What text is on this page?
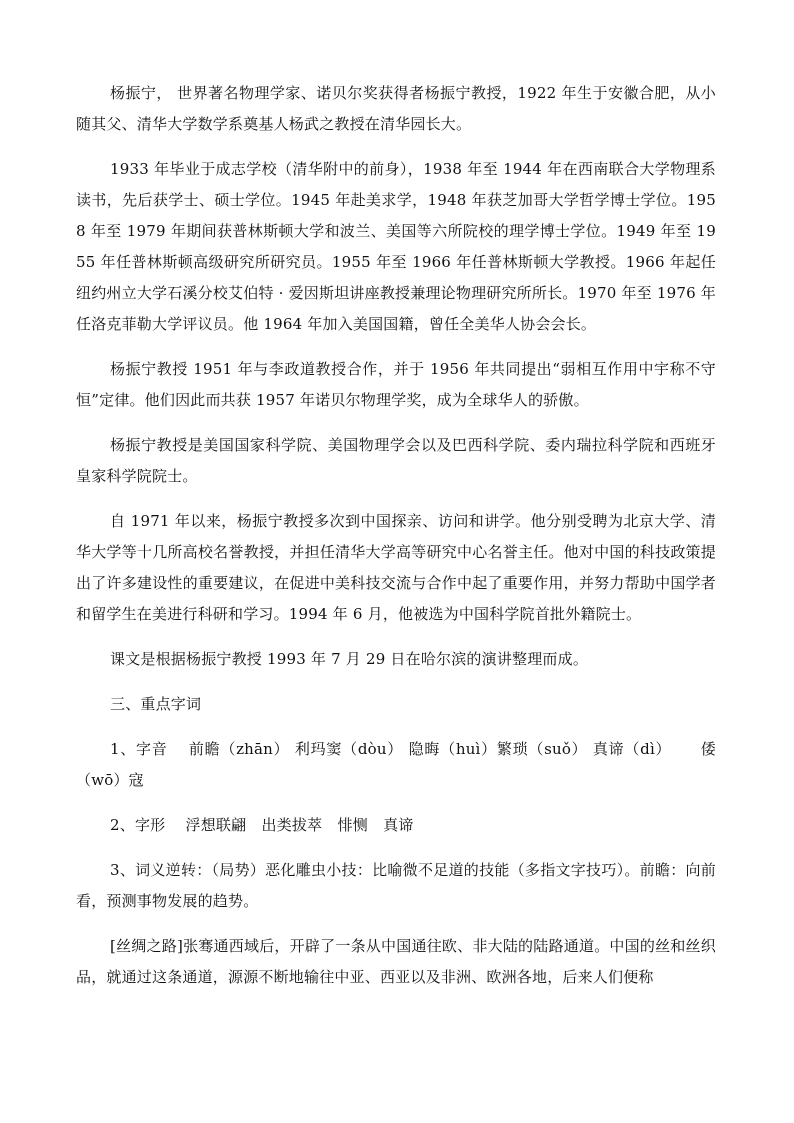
杨振宁， 世界著名物理学家、诺贝尔奖获得者杨振宁教授，1922 年生于安徽合肥，从小随其父、清华大学数学系奠基人杨武之教授在清华园长大。

1933 年毕业于成志学校（清华附中的前身），1938 年至 1944 年在西南联合大学物理系读书，先后获学士、硕士学位。1945 年赴美求学，1948 年获芝加哥大学哲学博士学位。1958 年至 1979 年期间获普林斯顿大学和波兰、美国等六所院校的理学博士学位。1949 年至 1955 年任普林斯顿高级研究所研究员。1955 年至 1966 年任普林斯顿大学教授。1966 年起任纽约州立大学石溪分校艾伯特 · 爱因斯坦讲座教授兼理论物理研究所所长。1970 年至 1976 年任洛克菲勒大学评议员。他 1964 年加入美国国籍，曾任全美华人协会会长。

杨振宁教授 1951 年与李政道教授合作，并于 1956 年共同提出“弱相互作用中宇称不守恒”定律。他们因此而共获 1957 年诺贝尔物理学奖，成为全球华人的骄傲。

杨振宁教授是美国国家科学院、美国物理学会以及巴西科学院、委内瑞拉科学院和西班牙皇家科学院院士。

自 1971 年以来，杨振宁教授多次到中国探亲、访问和讲学。他分别受聘为北京大学、清华大学等十几所高校名誉教授，并担任清华大学高等研究中心名誉主任。他对中国的科技政策提出了许多建设性的重要建议，在促进中美科技交流与合作中起了重要作用，并努力帮助中国学者和留学生在美进行科研和学习。1994 年 6 月，他被选为中国科学院首批外籍院士。

课文是根据杨振宁教授 1993 年 7 月 29 日在哈尔滨的演讲整理而成。

三、重点字词

1、字音　 前瞻（zhān） 利玛窦（dòu） 隐晦（huì）繁琐（suǒ） 真谛（dì）　　 倭（wō）寇

2、字形　 浮想联翩　出类拔萃　悱恻　真谛

3、词义逆转：（局势）恶化雕虫小技：比喻微不足道的技能（多指文字技巧）。前瞻：向前看，预测事物发展的趋势。

[丝绸之路]张骞通西域后，开辟了一条从中国通往欧、非大陆的陆路通道。中国的丝和丝织品，就通过这条通道，源源不断地输往中亚、西亚以及非洲、欧洲各地，后来人们便称
